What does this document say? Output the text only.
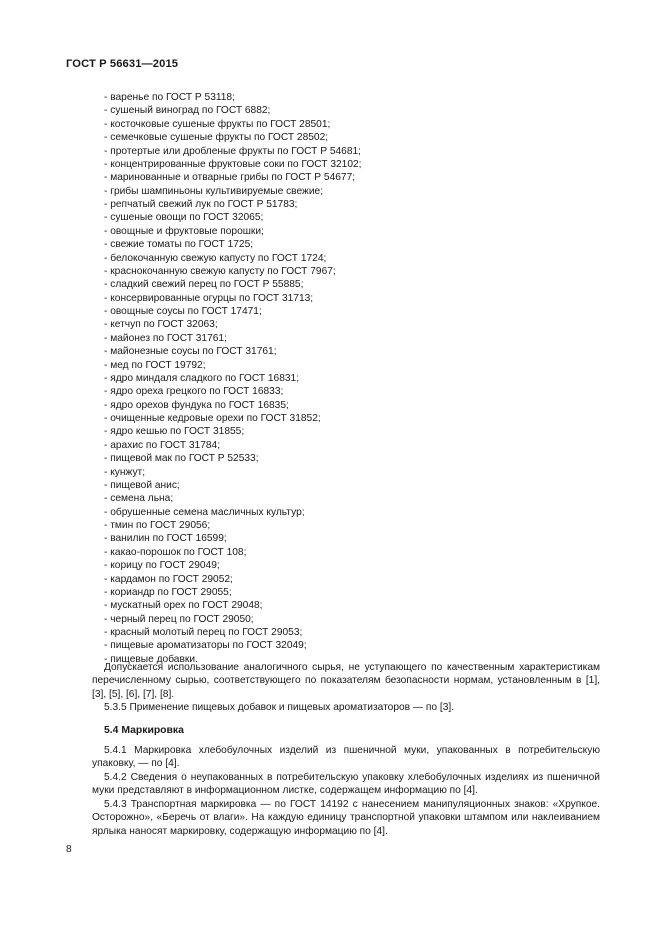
ГОСТ Р 56631—2015
- варенье по ГОСТ Р 53118;
- сушеный виноград по ГОСТ 6882;
- косточковые сушеные фрукты по ГОСТ 28501;
- семечковые сушеные фрукты по ГОСТ 28502;
- протертые или дробленые фрукты по ГОСТ Р 54681;
- концентрированные фруктовые соки по ГОСТ 32102;
- маринованные и отварные грибы по ГОСТ Р 54677;
- грибы шампиньоны культивируемые свежие;
- репчатый свежий лук по ГОСТ Р 51783;
- сушеные овощи по ГОСТ 32065;
- овощные и фруктовые порошки;
- свежие томаты по ГОСТ 1725;
- белокочанную свежую капусту по ГОСТ 1724;
- краснокочанную свежую капусту по ГОСТ 7967;
- сладкий свежий перец по ГОСТ Р 55885;
- консервированные огурцы по ГОСТ 31713;
- овощные соусы по ГОСТ 17471;
- кетчуп по ГОСТ 32063;
- майонез по ГОСТ 31761;
- майонезные соусы по ГОСТ 31761;
- мед по ГОСТ 19792;
- ядро миндаля сладкого по ГОСТ 16831;
- ядро ореха грецкого по ГОСТ 16833;
- ядро орехов фундука по ГОСТ 16835;
- очищенные кедровые орехи по ГОСТ 31852;
- ядро кешью по ГОСТ 31855;
- арахис по ГОСТ 31784;
- пищевой мак по ГОСТ Р 52533;
- кунжут;
- пищевой анис;
- семена льна;
- обрушенные семена масличных культур;
- тмин по ГОСТ 29056;
- ванилин по ГОСТ 16599;
- какао-порошок по ГОСТ 108;
- корицу по ГОСТ 29049;
- кардамон по ГОСТ 29052;
- кориандр по ГОСТ 29055;
- мускатный орех по ГОСТ 29048;
- черный перец по ГОСТ 29050;
- красный молотый перец по ГОСТ 29053;
- пищевые ароматизаторы по ГОСТ 32049;
- пищевые добавки.

Допускается использование аналогичного сырья, не уступающего по качественным характеристикам перечисленному сырью, соответствующего по показателям безопасности нормам, установленным в [1], [3], [5], [6], [7], [8].

5.3.5 Применение пищевых добавок и пищевых ароматизаторов — по [3].

5.4 Маркировка

5.4.1 Маркировка хлебобулочных изделий из пшеничной муки, упакованных в потребительскую упаковку, — по [4].

5.4.2 Сведения о неупакованных в потребительскую упаковку хлебобулочных изделиях из пшеничной муки представляют в информационном листке, содержащем информацию по [4].

5.4.3 Транспортная маркировка — по ГОСТ 14192 с нанесением манипуляционных знаков: «Хрупкое. Осторожно», «Беречь от влаги». На каждую единицу транспортной упаковки штампом или наклеиванием ярлыка наносят маркировку, содержащую информацию по [4].

8
